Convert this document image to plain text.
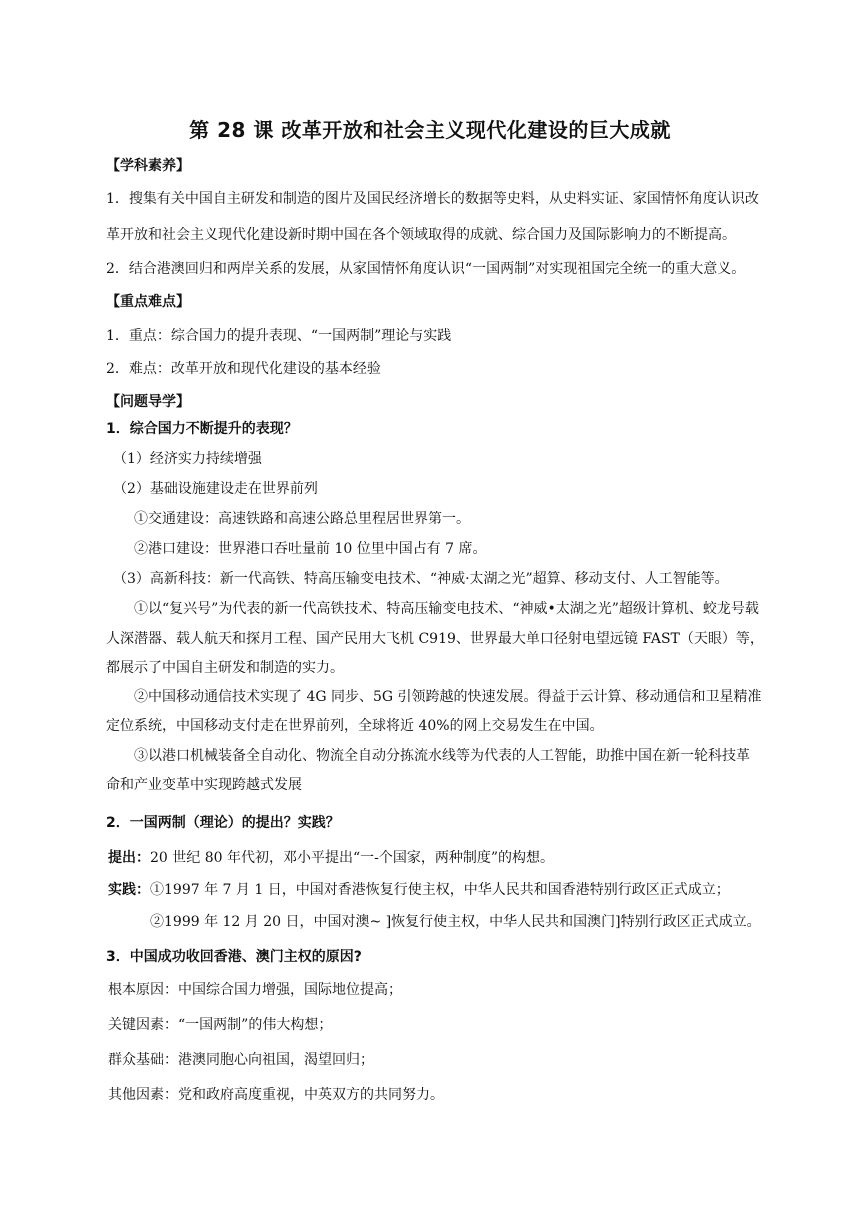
第 28 课 改革开放和社会主义现代化建设的巨大成就
【学科素养】
1．搜集有关中国自主研发和制造的图片及国民经济增长的数据等史料，从史料实证、家国情怀角度认识改
革开放和社会主义现代化建设新时期中国在各个领域取得的成就、综合国力及国际影响力的不断提高。
2．结合港澳回归和两岸关系的发展，从家国情怀角度认识“一国两制”对实现祖国完全统一的重大意义。
【重点难点】
1．重点：综合国力的提升表现、“一国两制”理论与实践
2．难点：改革开放和现代化建设的基本经验
【问题导学】
1．综合国力不断提升的表现？
（1）经济实力持续增强
（2）基础设施建设走在世界前列
①交通建设：高速铁路和高速公路总里程居世界第一。
②港口建设：世界港口吞吐量前 10 位里中国占有 7 席。
（3）高新科技：新一代高铁、特高压输变电技术、“神威·太湖之光”超算、移动支付、人工智能等。
①以“复兴号”为代表的新一代高铁技术、特高压输变电技术、“神威•太湖之光”超级计算机、蛟龙号载
人深潜器、载人航天和探月工程、国产民用大飞机 C919、世界最大单口径射电望远镜 FAST（天眼）等，
都展示了中国自主研发和制造的实力。
②中国移动通信技术实现了 4G 同步、5G 引领跨越的快速发展。得益于云计算、移动通信和卫星精准
定位系统，中国移动支付走在世界前列，全球将近 40%的网上交易发生在中国。
③以港口机械装备全自动化、物流全自动分拣流水线等为代表的人工智能，助推中国在新一轮科技革
命和产业变革中实现跨越式发展
2．一国两制（理论）的提出？实践？
提出：20 世纪 80 年代初，邓小平提出“一-个国家，两种制度”的构想。
实践：①1997 年 7 月 1 日，中国对香港恢复行使主权，中华人民共和国香港特别行政区正式成立；
②1999 年 12 月 20 日，中国对澳~ ]恢复行使主权，中华人民共和国澳门]特别行政区正式成立。
3．中国成功收回香港、澳门主权的原因?
根本原因：中国综合国力增强，国际地位提高；
关键因素：“一国两制”的伟大构想；
群众基础：港澳同胞心向祖国，渴望回归；
其他因素：党和政府高度重视，中英双方的共同努力。
